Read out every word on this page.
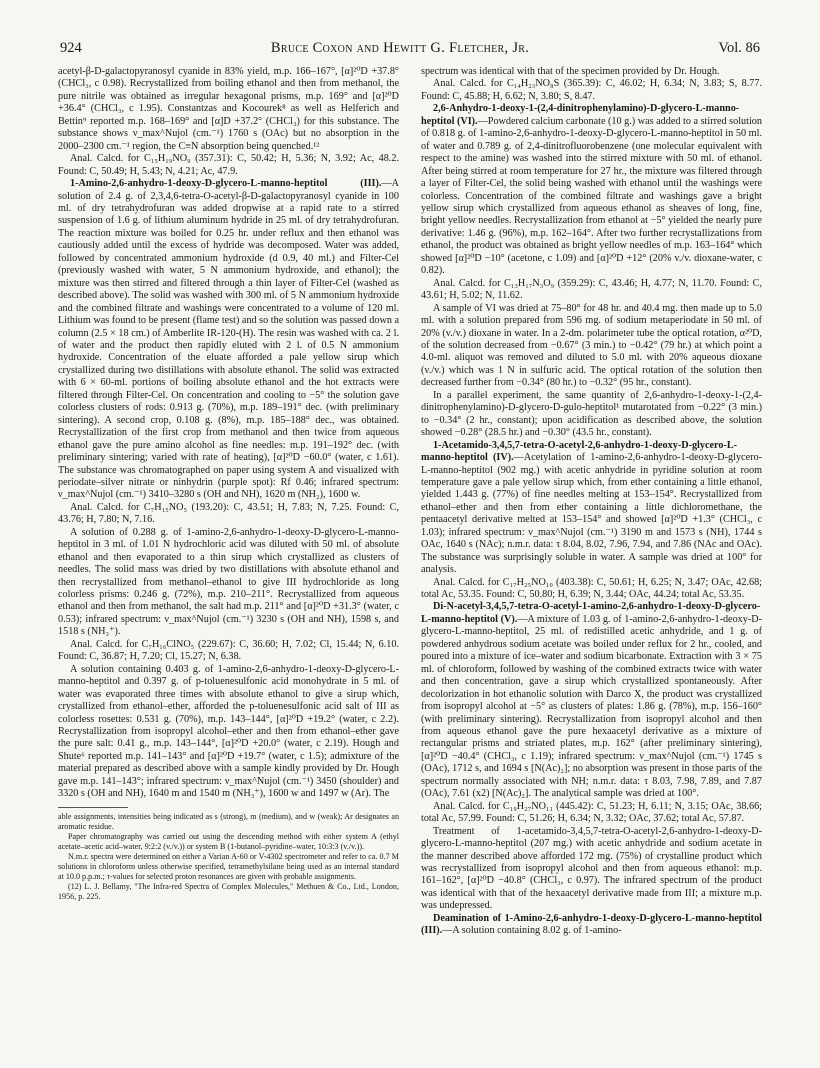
924	Bruce Coxon and Hewitt G. Fletcher, Jr.	Vol. 86

acetyl-β-D-galactopyranosyl cyanide in 83% yield, m.p. 166–167°, [α]²⁰D +37.8° (CHCl₃, c 0.98). Recrystallized from boiling ethanol and then from methanol, the pure nitrile was obtained as irregular hexagonal prisms, m.p. 169° and [α]²⁰D +36.4° (CHCl₃, c 1.95). Constantzas and Kocourek⁸ as well as Helferich and Bettin⁹ reported m.p. 168–169° and [α]D +37.2° (CHCl₃) for this substance. The substance shows ν_max^Nujol (cm.⁻¹) 1760 s (OAc) but no absorption in the 2000–2300 cm.⁻¹ region, the C≡N absorption being quenched.¹²

Anal. Calcd. for C₁₅H₁₉NO₉ (357.31): C, 50.42; H, 5.36; N, 3.92; Ac, 48.2. Found: C, 50.49; H, 5.43; N, 4.21; Ac, 47.9.

1-Amino-2,6-anhydro-1-deoxy-D-glycero-L-manno-heptitol (III).—A solution of 2.4 g. of 2,3,4,6-tetra-O-acetyl-β-D-galactopyranosyl cyanide in 100 ml. of dry tetrahydrofuran was added dropwise at a rapid rate to a stirred suspension of 1.6 g. of lithium aluminum hydride in 25 ml. of dry tetrahydrofuran. The reaction mixture was boiled for 0.25 hr. under reflux and then ethanol was cautiously added until the excess of hydride was decomposed. Water was added, followed by concentrated ammonium hydroxide (d 0.9, 40 ml.) and Filter-Cel (previously washed with water, 5 N ammonium hydroxide, and ethanol); the mixture was then stirred and filtered through a thin layer of Filter-Cel (washed as described above). The solid was washed with 300 ml. of 5 N ammonium hydroxide and the combined filtrate and washings were concentrated to a volume of 120 ml. Lithium was found to be present (flame test) and so the solution was passed down a column (2.5 × 18 cm.) of Amberlite IR-120-(H). The resin was washed with ca. 2 l. of water and the product then rapidly eluted with 2 l. of 0.5 N ammonium hydroxide. Concentration of the eluate afforded a pale yellow sirup which crystallized during two distillations with absolute ethanol. The solid was extracted with 6 × 60-ml. portions of boiling absolute ethanol and the hot extracts were filtered through Filter-Cel. On concentration and cooling to −5° the solution gave colorless clusters of rods: 0.913 g. (70%), m.p. 189–191° dec. (with preliminary sintering). A second crop, 0.108 g. (8%), m.p. 185–188° dec., was obtained. Recrystallization of the first crop from methanol and then twice from aqueous ethanol gave the pure amino alcohol as fine needles: m.p. 191–192° dec. (with preliminary sintering; varied with rate of heating), [α]²⁰D −60.0° (water, c 1.61). The substance was chromatographed on paper using system A and visualized with periodate–silver nitrate or ninhydrin (purple spot): Rf 0.46; infrared spectrum: ν_max^Nujol (cm.⁻¹) 3410–3280 s (OH and NH), 1620 m (NH₂), 1600 w.

Anal. Calcd. for C₇H₁₅NO₅ (193.20): C, 43.51; H, 7.83; N, 7.25. Found: C, 43.76; H, 7.80; N, 7.16.

A solution of 0.288 g. of 1-amino-2,6-anhydro-1-deoxy-D-glycero-L-manno-heptitol in 3 ml. of 1.01 N hydrochloric acid was diluted with 50 ml. of absolute ethanol and then evaporated to a thin sirup which crystallized as clusters of needles. The solid mass was dried by two distillations with absolute ethanol and then recrystallized from methanol–ethanol to give III hydrochloride as long colorless prisms: 0.246 g. (72%), m.p. 210–211°. Recrystallized from aqueous ethanol and then from methanol, the salt had m.p. 211° and [α]²⁰D +31.3° (water, c 0.53); infrared spectrum: ν_max^Nujol (cm.⁻¹) 3230 s (OH and NH), 1598 s, and 1518 s (NH₃⁺).

Anal. Calcd. for C₇H₁₆ClNO₅ (229.67): C, 36.60; H, 7.02; Cl, 15.44; N, 6.10. Found: C, 36.87; H, 7.20; Cl, 15.27; N, 6.38.

A solution containing 0.403 g. of 1-amino-2,6-anhydro-1-deoxy-D-glycero-L-manno-heptitol and 0.397 g. of p-toluenesulfonic acid monohydrate in 5 ml. of water was evaporated three times with absolute ethanol to give a sirup which, crystallized from ethanol–ether, afforded the p-toluenesulfonic acid salt of III as colorless rosettes: 0.531 g. (70%), m.p. 143–144°, [α]²⁰D +19.2° (water, c 2.2). Recrystallization from isopropyl alcohol–ether and then from ethanol–ether gave the pure salt: 0.41 g., m.p. 143–144°, [α]²⁰D +20.0° (water, c 2.19). Hough and Shute⁶ reported m.p. 141–143° and [α]²⁰D +19.7° (water, c 1.5); admixture of the material prepared as described above with a sample kindly provided by Dr. Hough gave m.p. 141–143°; infrared spectrum: ν_max^Nujol (cm.⁻¹) 3450 (shoulder) and 3320 s (OH and NH), 1640 m and 1540 m (NH₃⁺), 1600 w and 1497 w (Ar). The

able assignments, intensities being indicated as s (strong), m (medium), and w (weak); Ar designates an aromatic residue.

Paper chromatography was carried out using the descending method with either system A (ethyl acetate–acetic acid–water, 9:2:2 (v./v.)) or system B (1-butanol–pyridine–water, 10:3:3 (v./v.)).

N.m.r. spectra were determined on either a Varian A-60 or V-4302 spectrometer and refer to ca. 0.7 M solutions in chloroform unless otherwise specified, tetramethylsilane being used as an internal standard at 10.0 p.p.m.; τ-values for selected proton resonances are given with probable assignments.

(12) L. J. Bellamy, "The Infra-red Spectra of Complex Molecules," Methuen & Co., Ltd., London, 1956, p. 225.

spectrum was identical with that of the specimen provided by Dr. Hough.

Anal. Calcd. for C₁₄H₂₃NO₈S (365.39): C, 46.02; H, 6.34; N, 3.83; S, 8.77. Found: C, 45.88; H, 6.62; N, 3.80; S, 8.47.

2,6-Anhydro-1-deoxy-1-(2,4-dinitrophenylamino)-D-glycero-L-manno-heptitol (VI).—Powdered calcium carbonate (10 g.) was added to a stirred solution of 0.818 g. of 1-amino-2,6-anhydro-1-deoxy-D-glycero-L-manno-heptitol in 50 ml. of water and 0.789 g. of 2,4-dinitrofluorobenzene (one molecular equivalent with respect to the amine) was washed into the stirred mixture with 50 ml. of ethanol. After being stirred at room temperature for 27 hr., the mixture was filtered through a layer of Filter-Cel, the solid being washed with ethanol until the washings were colorless. Concentration of the combined filtrate and washings gave a bright yellow sirup which crystallized from aqueous ethanol as sheaves of long, fine, bright yellow needles. Recrystallization from ethanol at −5° yielded the nearly pure derivative: 1.46 g. (96%), m.p. 162–164°. After two further recrystallizations from ethanol, the product was obtained as bright yellow needles of m.p. 163–164° which showed [α]²⁰D −10° (acetone, c 1.09) and [α]²⁰D +12° (20% v./v. dioxane-water, c 0.82).

Anal. Calcd. for C₁₃H₁₇N₃O₉ (359.29): C, 43.46; H, 4.77; N, 11.70. Found: C, 43.61; H, 5.02; N, 11.62.

A sample of VI was dried at 75–80° for 48 hr. and 40.4 mg. then made up to 5.0 ml. with a solution prepared from 596 mg. of sodium metaperiodate in 50 ml. of 20% (v./v.) dioxane in water. In a 2-dm. polarimeter tube the optical rotation, α²⁰D, of the solution decreased from −0.67° (3 min.) to −0.42° (79 hr.) at which point a 4.0-ml. aliquot was removed and diluted to 5.0 ml. with 20% aqueous dioxane (v./v.) which was 1 N in sulfuric acid. The optical rotation of the solution then decreased further from −0.34° (80 hr.) to −0.32° (95 hr., constant).

In a parallel experiment, the same quantity of 2,6-anhydro-1-deoxy-1-(2,4-dinitrophenylamino)-D-glycero-D-gulo-heptitol¹ mutarotated from −0.22° (3 min.) to −0.34° (2 hr., constant); upon acidification as described above, the solution showed −0.28° (28.5 hr.) and −0.30° (43.5 hr., constant).

1-Acetamido-3,4,5,7-tetra-O-acetyl-2,6-anhydro-1-deoxy-D-glycero-L-manno-heptitol (IV).—Acetylation of 1-amino-2,6-anhydro-1-deoxy-D-glycero-L-manno-heptitol (902 mg.) with acetic anhydride in pyridine solution at room temperature gave a pale yellow sirup which, from ether containing a little ethanol, yielded 1.443 g. (77%) of fine needles melting at 153–154°. Recrystallized from ethanol–ether and then from ether containing a little dichloromethane, the pentaacetyl derivative melted at 153–154° and showed [α]²⁰D +1.3° (CHCl₃, c 1.03); infrared spectrum: ν_max^Nujol (cm.⁻¹) 3190 m and 1573 s (NH), 1744 s OAc, 1640 s (NAc); n.m.r. data: τ 8.04, 8.02, 7.96, 7.94, and 7.86 (NAc and OAc). The substance was surprisingly soluble in water. A sample was dried at 100° for analysis.

Anal. Calcd. for C₁₇H₂₅NO₁₀ (403.38): C, 50.61; H, 6.25; N, 3.47; OAc, 42.68; total Ac, 53.35. Found: C, 50.80; H, 6.39; N, 3.44; OAc, 44.24; total Ac, 53.35.

Di-N-acetyl-3,4,5,7-tetra-O-acetyl-1-amino-2,6-anhydro-1-deoxy-D-glycero-L-manno-heptitol (V).—A mixture of 1.03 g. of 1-amino-2,6-anhydro-1-deoxy-D-glycero-L-manno-heptitol, 25 ml. of redistilled acetic anhydride, and 1 g. of powdered anhydrous sodium acetate was boiled under reflux for 2 hr., cooled, and poured into a mixture of ice–water and sodium bicarbonate. Extraction with 3 × 75 ml. of chloroform, followed by washing of the combined extracts twice with water and then concentration, gave a sirup which crystallized spontaneously. After decolorization in hot ethanolic solution with Darco X, the product was crystallized from isopropyl alcohol at −5° as clusters of plates: 1.86 g. (78%), m.p. 156–160° (with preliminary sintering). Recrystallization from isopropyl alcohol and then from aqueous ethanol gave the pure hexaacetyl derivative as a mixture of rectangular prisms and striated plates, m.p. 162° (after preliminary sintering), [α]²⁰D −40.4° (CHCl₃, c 1.19); infrared spectrum: ν_max^Nujol (cm.⁻¹) 1745 s (OAc), 1712 s, and 1694 s [N(Ac)₂]; no absorption was present in those parts of the spectrum normally associated with NH; n.m.r. data: τ 8.03, 7.98, 7.89, and 7.87 (OAc), 7.61 (x2) [N(Ac)₂]. The analytical sample was dried at 100°.

Anal. Calcd. for C₁₉H₂₇NO₁₁ (445.42): C, 51.23; H, 6.11; N, 3.15; OAc, 38.66; total Ac, 57.99. Found: C, 51.26; H, 6.34; N, 3.32; OAc, 37.62; total Ac, 57.87.

Treatment of 1-acetamido-3,4,5,7-tetra-O-acetyl-2,6-anhydro-1-deoxy-D-glycero-L-manno-heptitol (207 mg.) with acetic anhydride and sodium acetate in the manner described above afforded 172 mg. (75%) of crystalline product which was recrystallized from isopropyl alcohol and then from aqueous ethanol: m.p. 161–162°, [α]²⁰D −40.8° (CHCl₃, c 0.97). The infrared spectrum of the product was identical with that of the hexaacetyl derivative made from III; a mixture m.p. was undepressed.

Deamination of 1-Amino-2,6-anhydro-1-deoxy-D-glycero-L-manno-heptitol (III).—A solution containing 8.02 g. of 1-amino-
